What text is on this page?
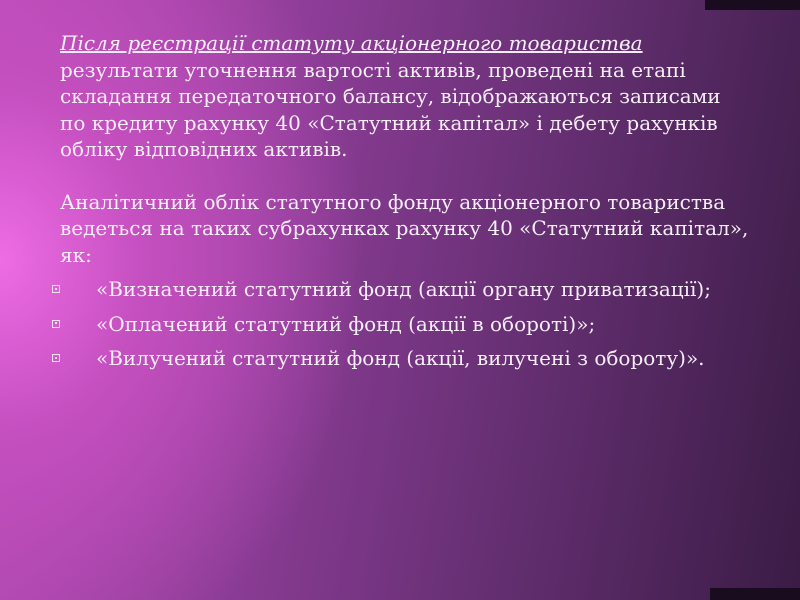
Після реєстрації статуту акціонерного товариства результати уточнення вартості активів, проведені на етапі складання передаточного балансу, відображаються записами по кредиту рахунку 40 «Статутний капітал» і дебету рахунків обліку відповідних активів.

Аналітичний облік статутного фонду акціонерного товариства ведеться на таких субрахунках рахунку 40 «Статутний капітал», як:

«Визначений статутний фонд (акції органу приватизації);
«Оплачений статутний фонд (акції в обороті)»;
«Вилучений статутний фонд (акції, вилучені з обороту)».
